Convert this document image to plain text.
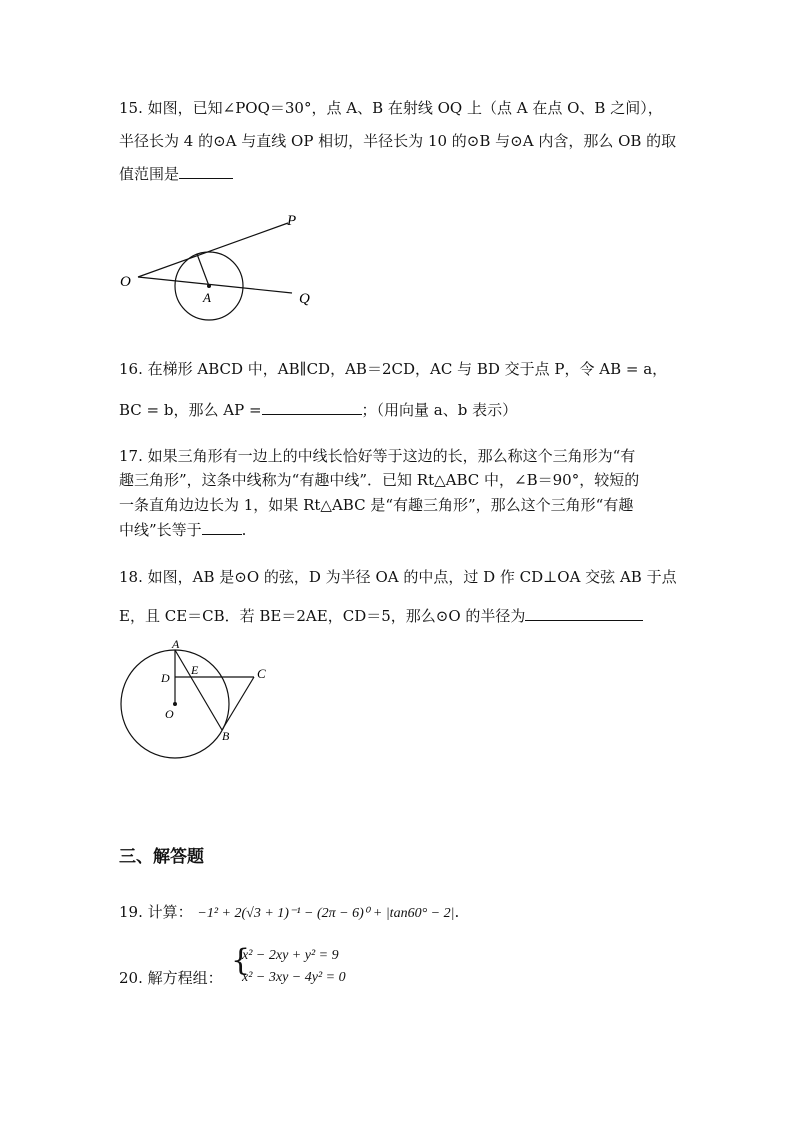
15. 如图，已知∠POQ＝30°，点 A、B 在射线 OQ 上（点 A 在点 O、B 之间），
半径长为 4 的⊙A 与直线 OP 相切，半径长为 10 的⊙B 与⊙A 内含，那么 OB 的取
值范围是
P
O
A	Q
16. 在梯形 ABCD 中，AB∥CD，AB＝2CD，AC 与 BD 交于点 P，令 AB = a，
BC = b，那么 AP =	；（用向量 a、b 表示）
17. 如果三角形有一边上的中线长恰好等于这边的长，那么称这个三角形为“有
趣三角形”，这条中线称为“有趣中线”．已知 Rt△ABC 中，∠B＝90°，较短的
一条直角边边长为 1，如果 Rt△ABC 是“有趣三角形”，那么这个三角形“有趣
中线”长等于	.
18. 如图，AB 是⊙O 的弦，D 为半径 OA 的中点，过 D 作 CD⊥OA 交弦 AB 于点
E，且 CE＝CB．若 BE＝2AE，CD＝5，那么⊙O 的半径为
A
E	C
D
O
B
三、解答题
19. 计算： −1² + 2(√3 + 1)⁻¹ − (2π − 6)⁰ + |tan60° − 2|.
20. 解方程组： {
x² − 2xy + y² = 9
x² − 3xy − 4y² = 0
